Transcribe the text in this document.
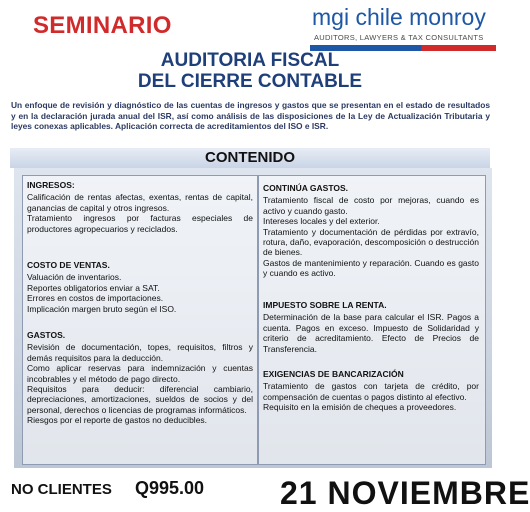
SEMINARIO	mgi chile monroy
AUDITORS, LAWYERS & TAX CONSULTANTS
AUDITORIA FISCAL
DEL CIERRE CONTABLE
Un enfoque de revisión y diagnóstico de las cuentas de ingresos y gastos que se presentan en el estado de resultados y en la declaración jurada anual del ISR, así como análisis de las disposiciones de la Ley de Actualización Tributaria y leyes conexas aplicables. Aplicación correcta de acreditamientos del ISO e ISR.
CONTENIDO
INGRESOS:

Calificación de rentas afectas, exentas, rentas de capital, ganancias de capital y otros ingresos.

Tratamiento ingresos por facturas especiales de productores agropecuarios y reciclados.

COSTO DE VENTAS.

Valuación de inventarios.

Reportes obligatorios enviar a SAT.

Errores en costos de importaciones.

Implicación margen bruto según el ISO.

GASTOS.

Revisión de documentación, topes, requisitos, filtros y demás requisitos para la deducción.

Como aplicar reservas para indemnización y cuentas incobrables y el método de pago directo.

Requisitos para deducir: diferencial cambiario, depreciaciones, amortizaciones, sueldos de socios y del personal, derechos o licencias de programas informáticos.

Riesgos por el reporte de gastos no deducibles.

CONTINÚA GASTOS.

Tratamiento fiscal de costo por mejoras, cuando es activo y cuando gasto.

Intereses locales y del exterior.

Tratamiento y documentación de pérdidas por extravío, rotura, daño, evaporación, descomposición o destrucción de bienes.

Gastos de mantenimiento y reparación. Cuando es gasto y cuando es activo.

IMPUESTO SOBRE LA RENTA.

Determinación de la base para calcular el ISR. Pagos a cuenta. Pagos en exceso. Impuesto de Solidaridad y criterio de acreditamiento. Efecto de Precios de Transferencia.

EXIGENCIAS DE BANCARIZACIÓN

Tratamiento de gastos con tarjeta de crédito, por compensación de cuentas o pagos distinto al efectivo.

Requisito en la emisión de cheques a proveedores.

NO CLIENTES Q995.00 21 NOVIEMBRE
